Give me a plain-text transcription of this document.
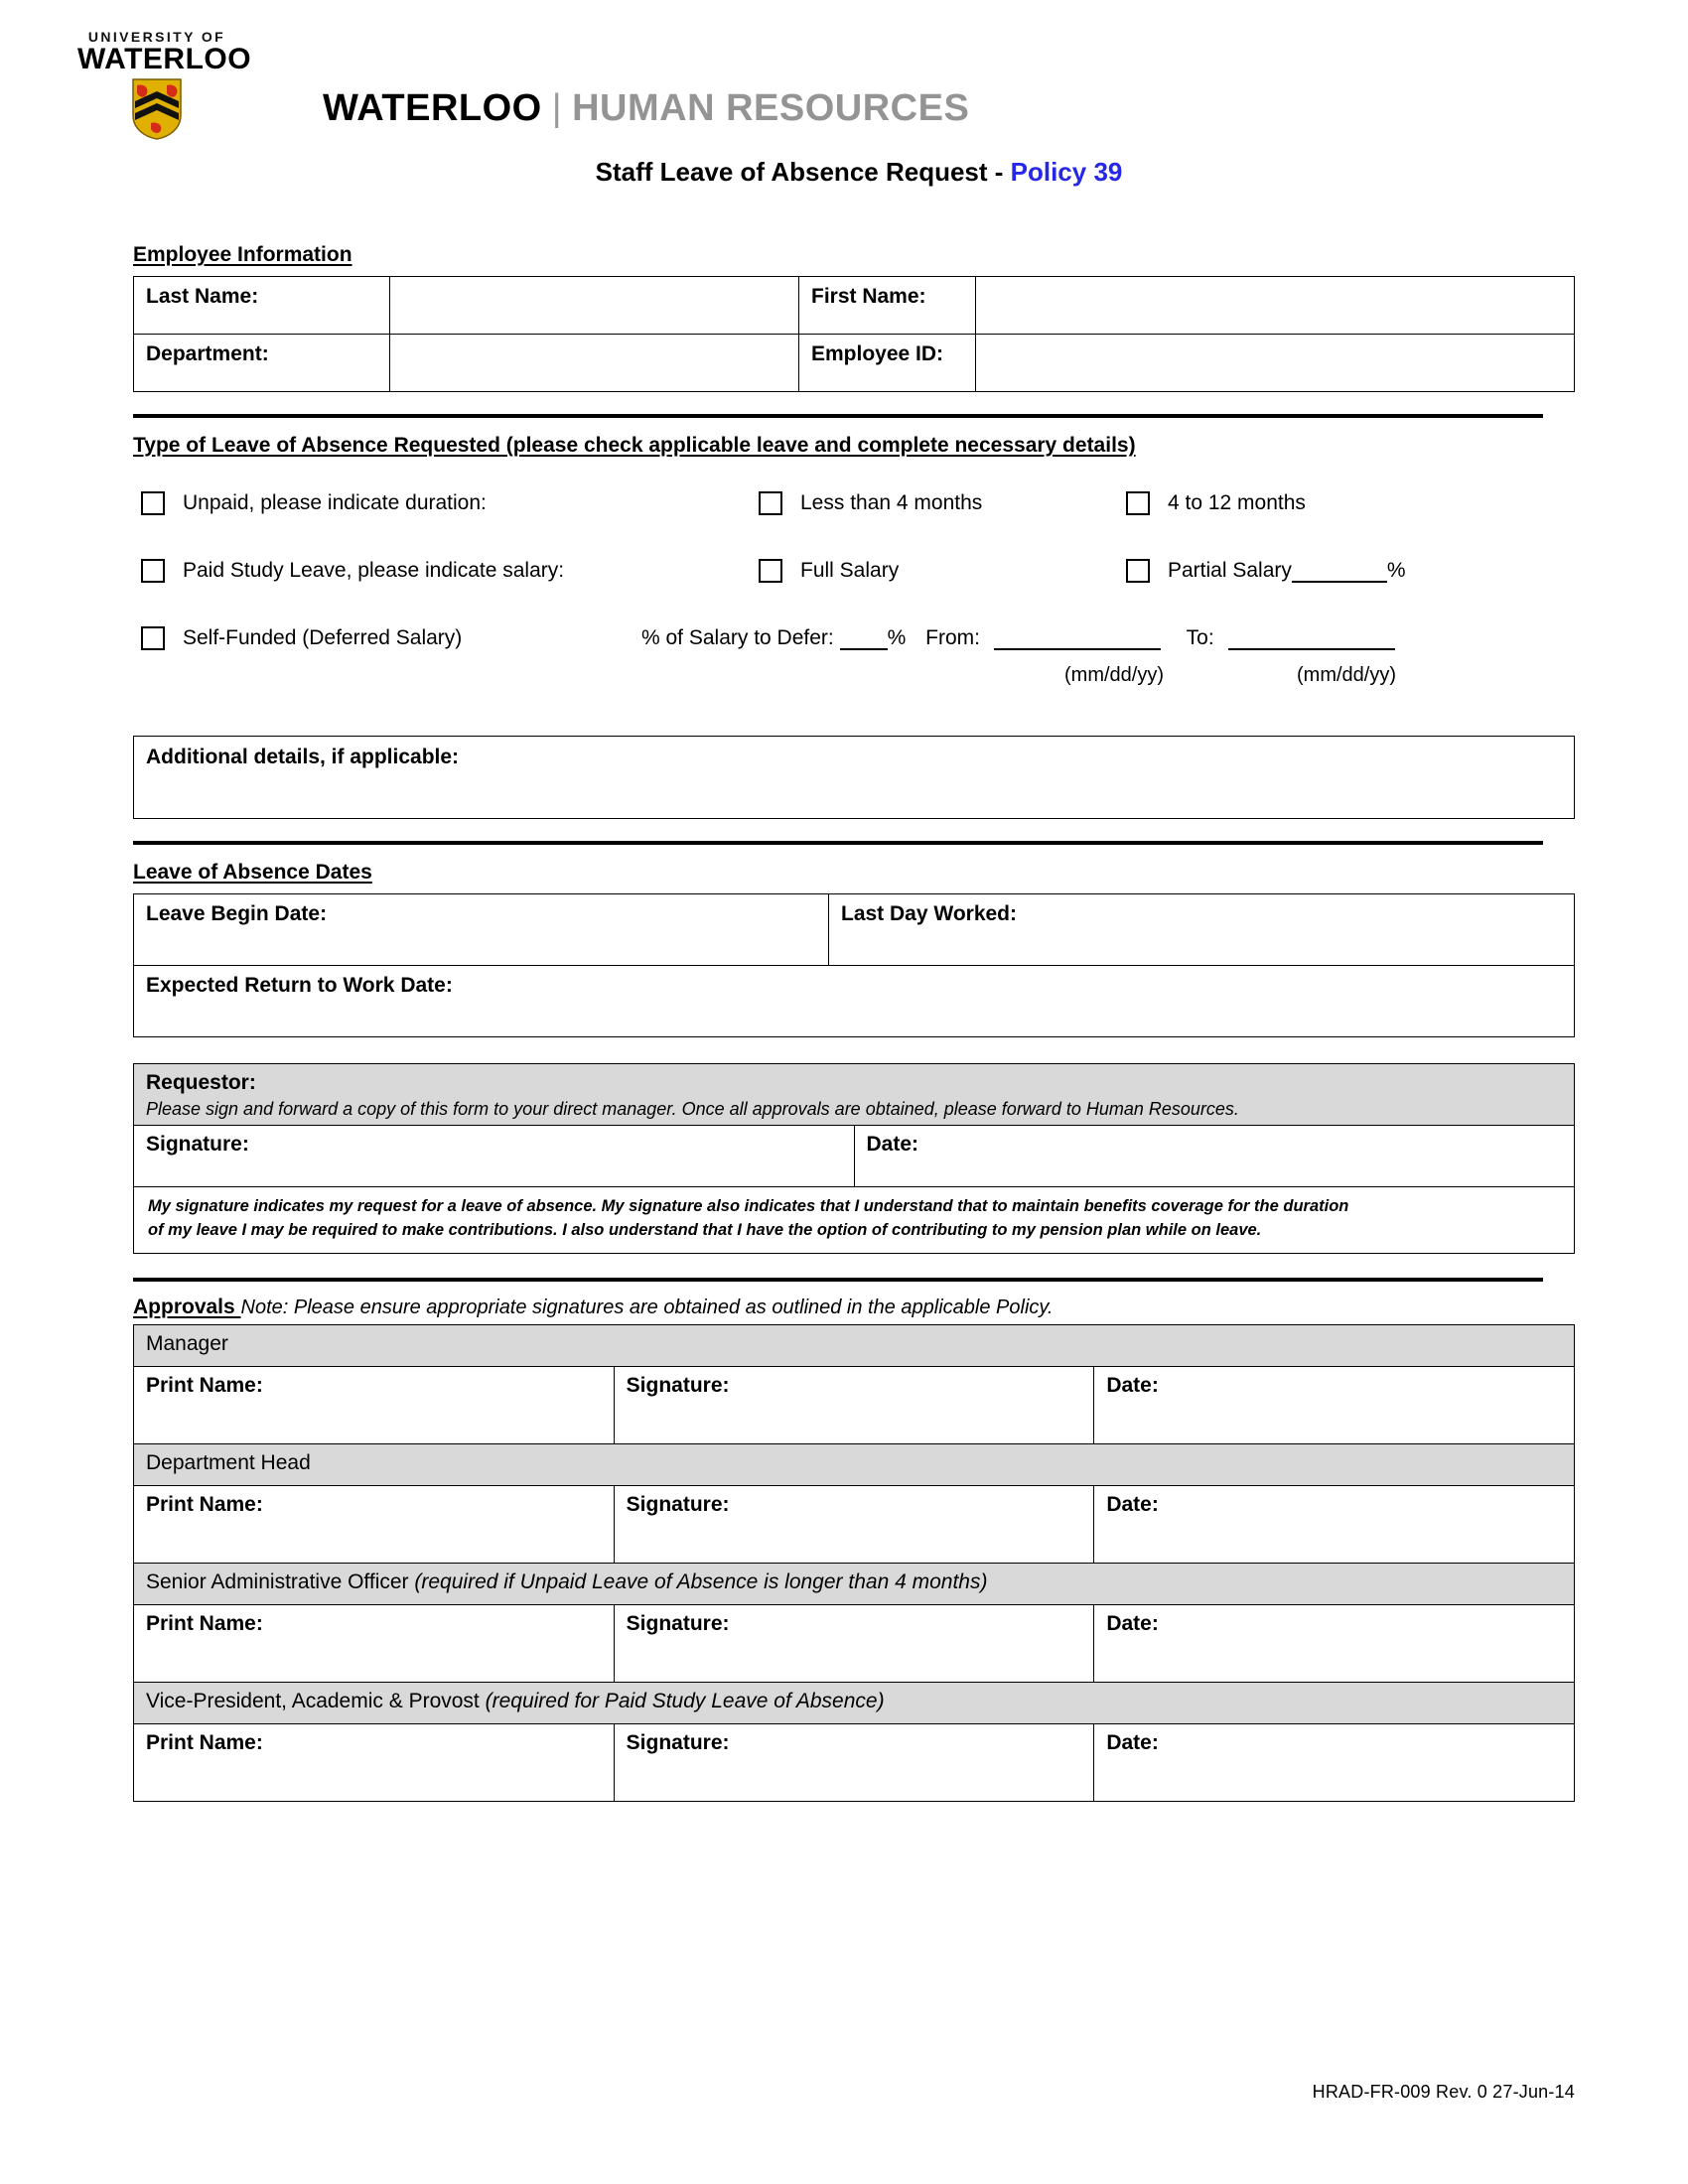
UNIVERSITY OF
WATERLOO
WATERLOO | HUMAN RESOURCES
Staff Leave of Absence Request - Policy 39
Employee Information
Last Name:		First Name:	
Department:		Employee ID:	
Type of Leave of Absence Requested (please check applicable leave and complete necessary details)
Unpaid, please indicate duration:	Less than 4 months	4 to 12 months
Paid Study Leave, please indicate salary:	Full Salary	Partial Salary	%
Self-Funded (Deferred Salary)	% of Salary to Defer:	% From:	To:
(mm/dd/yy)	(mm/dd/yy)
Additional details, if applicable:
Leave of Absence Dates
Leave Begin Date:	Last Day Worked:
Expected Return to Work Date:
Requestor:
Please sign and forward a copy of this form to your direct manager. Once all approvals are obtained, please forward to Human Resources.

Signature:	Date:

My signature indicates my request for a leave of absence. My signature also indicates that I understand that to maintain benefits coverage for the duration
of my leave I may be required to make contributions. I also understand that I have the option of contributing to my pension plan while on leave.
Approvals Note: Please ensure appropriate signatures are obtained as outlined in the applicable Policy.
Manager		
Print Name:	Signature:	Date:
Department Head		
Print Name:	Signature:	Date:
Senior Administrative Officer (required if Unpaid Leave of Absence is longer than 4 months)		
Print Name:	Signature:	Date:
Vice-President, Academic & Provost (required for Paid Study Leave of Absence)		
Print Name:	Signature:	Date:
HRAD-FR-009 Rev. 0 27-Jun-14
